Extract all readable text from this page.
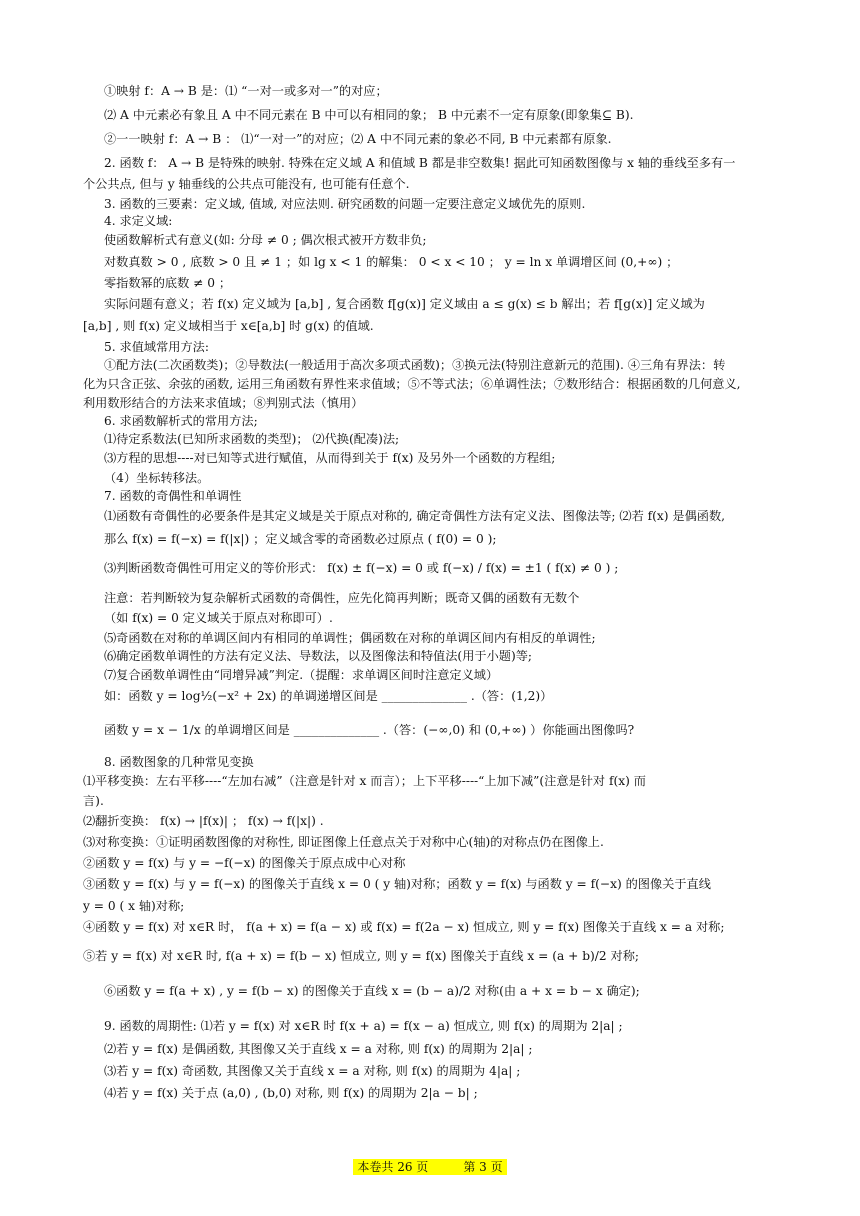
①映射 f：A → B 是：⑴ “一对一或多对一”的对应；
⑵ A 中元素必有象且 A 中不同元素在 B 中可以有相同的象； B 中元素不一定有原象(即象集⊆ B).
②一一映射 f：A → B ： ⑴“一对一”的对应；⑵ A 中不同元素的象必不同, B 中元素都有原象.
2. 函数 f： A → B 是特殊的映射. 特殊在定义域 A 和值域 B 都是非空数集! 据此可知函数图像与 x 轴的垂线至多有一
个公共点, 但与 y 轴垂线的公共点可能没有, 也可能有任意个.
3. 函数的三要素：定义域, 值域, 对应法则. 研究函数的问题一定要注意定义域优先的原则.
4. 求定义域:
使函数解析式有意义(如: 分母 ≠ 0 ; 偶次根式被开方数非负;
对数真数 > 0 , 底数 > 0 且 ≠ 1 ；如 lg x < 1 的解集： 0 < x < 10 ； y = ln x 单调增区间 (0,+∞) ；
零指数幂的底数 ≠ 0 ；
实际问题有意义；若 f(x) 定义域为 [a,b] , 复合函数 f[g(x)] 定义域由 a ≤ g(x) ≤ b 解出；若 f[g(x)] 定义域为
[a,b] , 则 f(x) 定义域相当于 x∈[a,b] 时 g(x) 的值域.
5. 求值域常用方法:
①配方法(二次函数类)；②导数法(一般适用于高次多项式函数)；③换元法(特别注意新元的范围). ④三角有界法：转
化为只含正弦、余弦的函数, 运用三角函数有界性来求值域；⑤不等式法；⑥单调性法；⑦数形结合：根据函数的几何意义,
利用数形结合的方法来求值域；⑧判别式法（慎用）
6. 求函数解析式的常用方法;
⑴待定系数法(已知所求函数的类型)； ⑵代换(配凑)法;
⑶方程的思想----对已知等式进行赋值，从而得到关于 f(x) 及另外一个函数的方程组;
（4）坐标转移法。
7. 函数的奇偶性和单调性
⑴函数有奇偶性的必要条件是其定义域是关于原点对称的, 确定奇偶性方法有定义法、图像法等; ⑵若 f(x) 是偶函数,
那么 f(x) = f(−x) = f(|x|) ；定义域含零的奇函数必过原点 ( f(0) = 0 );
⑶判断函数奇偶性可用定义的等价形式： f(x) ± f(−x) = 0 或 f(−x) / f(x) = ±1 ( f(x) ≠ 0 ) ;
注意：若判断较为复杂解析式函数的奇偶性，应先化简再判断；既奇又偶的函数有无数个
（如 f(x) = 0 定义域关于原点对称即可）.
⑸奇函数在对称的单调区间内有相同的单调性；偶函数在对称的单调区间内有相反的单调性;
⑹确定函数单调性的方法有定义法、导数法，以及图像法和特值法(用于小题)等;
⑺复合函数单调性由“同增异减”判定.（提醒：求单调区间时注意定义域）
如：函数 y = log½(−x² + 2x) 的单调递增区间是 ______________ .（答：(1,2)）
函数 y = x − 1/x 的单调增区间是 ______________ .（答：(−∞,0) 和 (0,+∞) ）你能画出图像吗?
8. 函数图象的几种常见变换
⑴平移变换：左右平移----“左加右减”（注意是针对 x 而言）；上下平移----“上加下减”(注意是针对 f(x) 而
言).
⑵翻折变换： f(x) → |f(x)| ； f(x) → f(|x|) .
⑶对称变换：①证明函数图像的对称性, 即证图像上任意点关于对称中心(轴)的对称点仍在图像上.
②函数 y = f(x) 与 y = −f(−x) 的图像关于原点成中心对称
③函数 y = f(x) 与 y = f(−x) 的图像关于直线 x = 0 ( y 轴)对称；函数 y = f(x) 与函数 y = f(−x) 的图像关于直线
y = 0 ( x 轴)对称;
④函数 y = f(x) 对 x∈R 时， f(a + x) = f(a − x) 或 f(x) = f(2a − x) 恒成立, 则 y = f(x) 图像关于直线 x = a 对称;
⑤若 y = f(x) 对 x∈R 时, f(a + x) = f(b − x) 恒成立, 则 y = f(x) 图像关于直线 x = (a + b)/2 对称;
⑥函数 y = f(a + x) , y = f(b − x) 的图像关于直线 x = (b − a)/2 对称(由 a + x = b − x 确定);
9. 函数的周期性: ⑴若 y = f(x) 对 x∈R 时 f(x + a) = f(x − a) 恒成立, 则 f(x) 的周期为 2|a| ;
⑵若 y = f(x) 是偶函数, 其图像又关于直线 x = a 对称, 则 f(x) 的周期为 2|a| ;
⑶若 y = f(x) 奇函数, 其图像又关于直线 x = a 对称, 则 f(x) 的周期为 4|a| ;
⑷若 y = f(x) 关于点 (a,0) , (b,0) 对称, 则 f(x) 的周期为 2|a − b| ;
本卷共 26 页	第 3 页
